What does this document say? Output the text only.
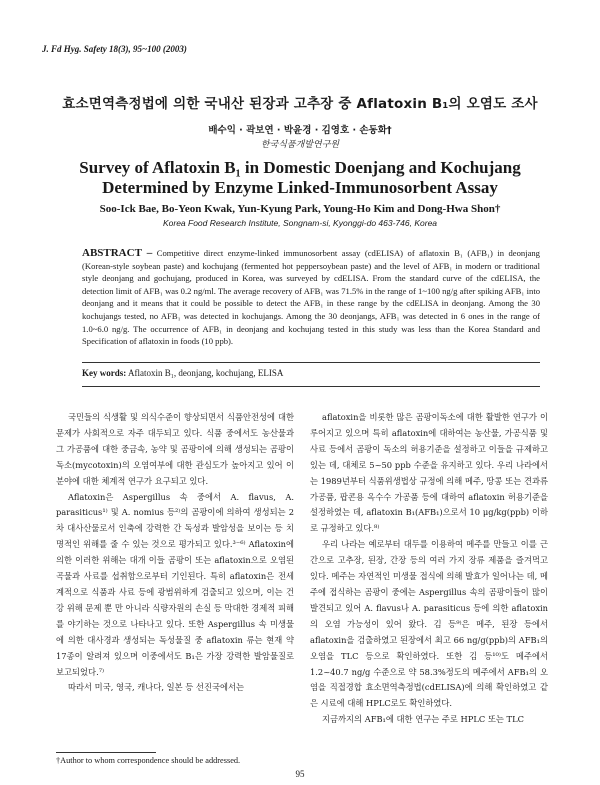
J. Fd Hyg. Safety 18(3), 95~100 (2003)
효소면역측정법에 의한 국내산 된장과 고추장 중 Aflatoxin B₁의 오염도 조사
배수익 · 곽보연 · 박윤경 · 김영호 · 손동화†
한국식품개발연구원
Survey of Aflatoxin B₁ in Domestic Doenjang and Kochujang
Determined by Enzyme Linked-Immunosorbent Assay
Soo-Ick Bae, Bo-Yeon Kwak, Yun-Kyung Park, Young-Ho Kim and Dong-Hwa Shon†
Korea Food Research Institute, Songnam-si, Kyonggi-do 463-746, Korea
ABSTRACT – Competitive direct enzyme-linked immunosorbent assay (cdELISA) of aflatoxin B₁ (AFB₁) in deonjang (Korean-style soybean paste) and kochujang (fermented hot peppersoybean paste) and the level of AFB₁ in modern or traditional style deonjang and gochujang, produced in Korea, was surveyed by cdELISA. From the standard curve of the cdELISA, the detection limit of AFB₁ was 0.2 ng/ml. The average recovery of AFB₁ was 71.5% in the range of 1~100 ng/g after spiking AFB₁ into deonjang and it means that it could be possible to detect the AFB₁ in these range by the cdELISA in deonjang. Among the 30 kochujangs tested, no AFB₁ was detected in kochujangs. Among the 30 deonjangs, AFB₁ was detected in 6 ones in the range of 1.0~6.0 ng/g. The occurrence of AFB₁ in deonjang and kochujang tested in this study was less than the Korea Standard and Specification of aflatoxin in foods (10 ppb).
Key words: Aflatoxin B₁, deonjang, kochujang, ELISA

국민들의 식생활 및 의식수준이 향상되면서 식품안전성에 대한 문제가 사회적으로 자주 대두되고 있다. 식품 중에서도 농산물과 그 가공품에 대한 중금속, 농약 및 곰팡이에 의해 생성되는 곰팡이 독소(mycotoxin)의 오염여부에 대한 관심도가 높아지고 있어 이 분야에 대한 체계적 연구가 요구되고 있다.

Aflatoxin은 Aspergillus 속 중에서 A. flavus, A. parasiticus¹⁾ 및 A. nomius 등²⁾의 곰팡이에 의하여 생성되는 2차 대사산물로서 인축에 강력한 간 독성과 발암성을 보이는 등 치명적인 위해를 줄 수 있는 것으로 평가되고 있다.³⁻⁶⁾ Aflatoxin에 의한 이러한 위해는 대개 이들 곰팡이 또는 aflatoxin으로 오염된 곡물과 사료를 섭취함으로부터 기인된다. 특히 aflatoxin은 전세계적으로 식품과 사료 등에 광범위하게 검출되고 있으며, 이는 건강 위해 문제 뿐 만 아니라 식량자원의 손실 등 막대한 경제적 피해를 야기하는 것으로 나타나고 있다. 또한 Aspergillus 속 미생물에 의한 대사경과 생성되는 독성물질 중 aflatoxin 류는 현재 약 17종이 알려져 있으며 이중에서도 B₁은 가장 강력한 발암물질로 보고되었다.⁷⁾

따라서 미국, 영국, 캐나다, 일본 등 선진국에서는

aflatoxin을 비롯한 많은 곰팡이독소에 대한 활발한 연구가 이루어지고 있으며 특히 aflatoxin에 대하여는 농산물, 가공식품 및 사료 등에서 곰팡이 독소의 허용기준을 설정하고 이들을 규제하고 있는 데, 대체로 5~50 ppb 수준을 유지하고 있다. 우리 나라에서는 1989년부터 식품위생법상 규정에 의해 메주, 땅콩 또는 견과류 가공품, 팝콘용 옥수수 가공품 등에 대하여 aflatoxin 허용기준을 설정하였는 데, aflatoxin B₁(AFB₁)으로서 10 μg/kg(ppb) 이하로 규정하고 있다.⁸⁾

우리 나라는 예로부터 대두를 이용하여 메주를 만들고 이를 근간으로 고추장, 된장, 간장 등의 여러 가지 장류 제품을 즐겨먹고 있다. 메주는 자연적인 미생물 접식에 의해 발효가 일어나는 데, 메주에 접식하는 곰팡이 중에는 Aspergillus 속의 곰팡이들이 많이 발견되고 있어 A. flavus나 A. parasiticus 등에 의한 aflatoxin의 오염 가능성이 있어 왔다. 김 등⁹⁾은 메주, 된장 등에서 aflatoxin을 검출하였고 된장에서 최고 66 ng/g(ppb)의 AFB₁의 오염을 TLC 등으로 확인하였다. 또한 김 등¹⁰⁾도 메주에서 1.2~40.7 ng/g 수준으로 약 58.3%정도의 메주에서 AFB₁의 오염을 직접경합 효소면역측정법(cdELISA)에 의해 확인하였고 같은 시료에 대해 HPLC로도 확인하였다.

지금까지의 AFB₁에 대한 연구는 주로 HPLC 또는 TLC

†Author to whom correspondence should be addressed.
95
